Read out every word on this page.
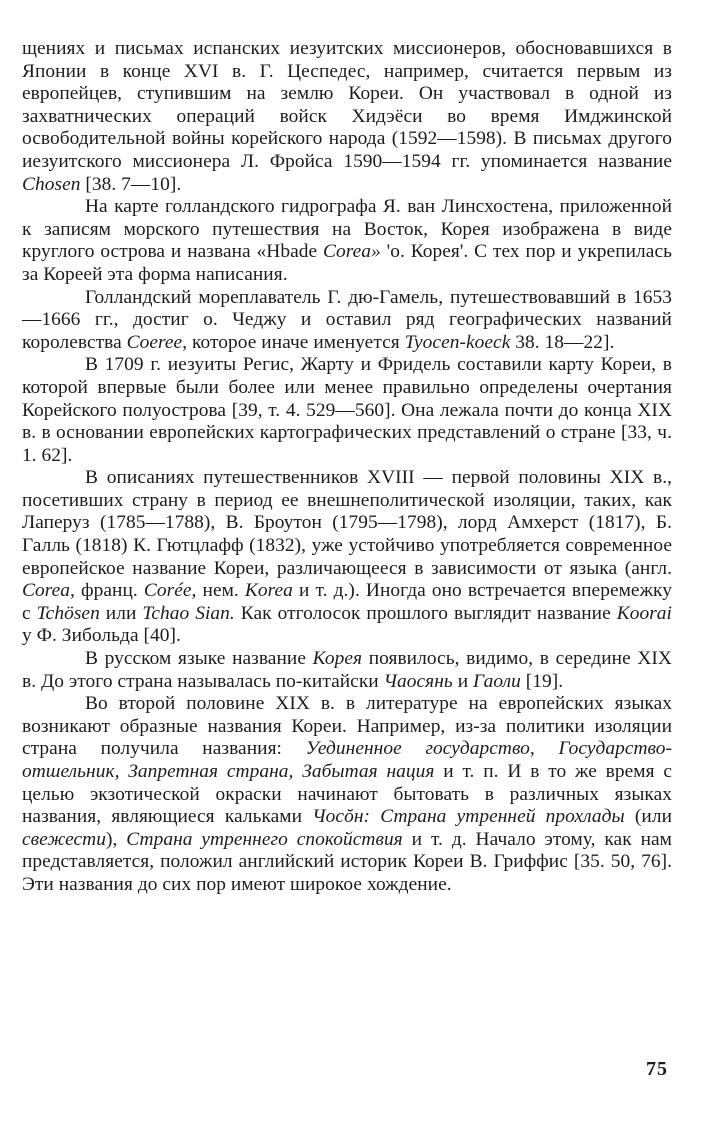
щениях и письмах испанских иезуитских миссионеров, обосновавшихся в Японии в конце XVI в. Г. Цеспедес, например, считается первым из европейцев, ступившим на землю Кореи. Он участвовал в одной из захватнических операций войск Хидэёси во время Имджинской освободительной войны корейского народа (1592—1598). В письмах другого иезуитского миссионера Л. Фройса 1590—1594 гг. упоминается название Chosen [38. 7—10].

На карте голландского гидрографа Я. ван Линсхостена, приложенной к записям морского путешествия на Восток, Корея изображена в виде круглого острова и названа «Hbade Corea» 'о. Корея'. С тех пор и укрепилась за Кореей эта форма написания.

Голландский мореплаватель Г. дю-Гамель, путешествовавший в 1653—1666 гг., достиг о. Чеджу и оставил ряд географических названий королевства Coeree, которое иначе именуется Tyocen-koeck 38. 18—22].

В 1709 г. иезуиты Регис, Жарту и Фридель составили карту Кореи, в которой впервые были более или менее правильно определены очертания Корейского полуострова [39, т. 4. 529—560]. Она лежала почти до конца XIX в. в основании европейских картографических представлений о стране [33, ч. 1. 62].

В описаниях путешественников XVIII — первой половины XIX в., посетивших страну в период ее внешнеполитической изоляции, таких, как Лаперуз (1785—1788), В. Броутон (1795—1798), лорд Амхерст (1817), Б. Галль (1818) К. Гютцлафф (1832), уже устойчиво употребляется современное европейское название Кореи, различающееся в зависимости от языка (англ. Corea, франц. Corée, нем. Korea и т. д.). Иногда оно встречается вперемежку с Tchösen или Tchao Sian. Как отголосок прошлого выглядит название Koorai у Ф. Зибольда [40].

В русском языке название Корея появилось, видимо, в середине XIX в. До этого страна называлась по-китайски Чаосянь и Гаоли [19].

Во второй половине XIX в. в литературе на европейских языках возникают образные названия Кореи. Например, из-за политики изоляции страна получила названия: Уединенное государство, Государство-отшельник, Запретная страна, Забытая нация и т. п. И в то же время с целью экзотической окраски начинают бытовать в различных языках названия, являющиеся кальками Чосŏн: Страна утренней прохлады (или свежести), Страна утреннего спокойствия и т. д. Начало этому, как нам представляется, положил английский историк Кореи В. Гриффис [35. 50, 76]. Эти названия до сих пор имеют широкое хождение.

75
